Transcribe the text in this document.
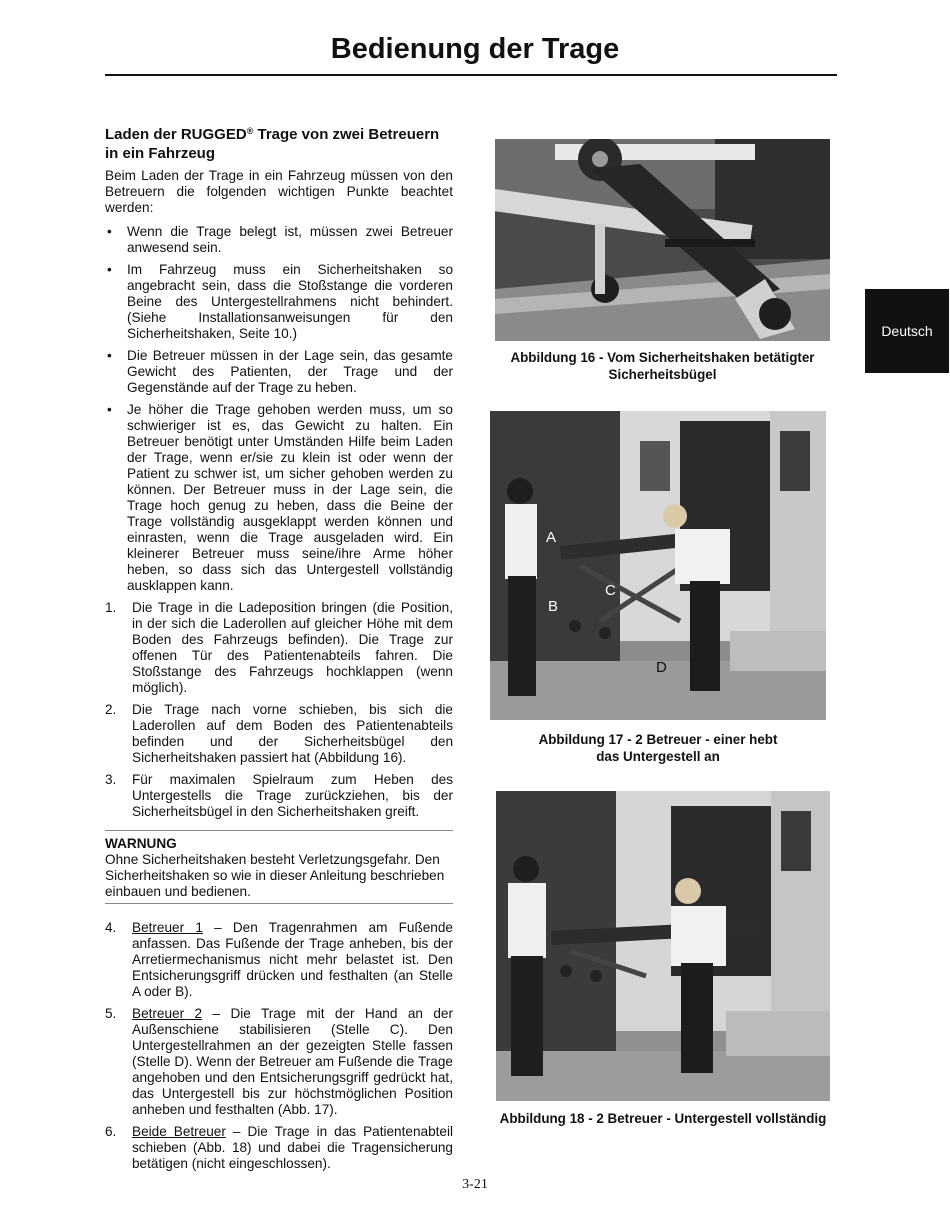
Bedienung der Trage
Laden der RUGGED® Trage von zwei Betreuern in ein Fahrzeug

Beim Laden der Trage in ein Fahrzeug müssen von den Betreuern die folgenden wichtigen Punkte beachtet werden:

• Wenn die Trage belegt ist, müssen zwei Betreuer anwesend sein.
• Im Fahrzeug muss ein Sicherheitshaken so angebracht sein, dass die Stoßstange die vorderen Beine des Untergestellrahmens nicht behindert. (Siehe Installationsanweisungen für den Sicherheitshaken, Seite 10.)
• Die Betreuer müssen in der Lage sein, das gesamte Gewicht des Patienten, der Trage und der Gegenstände auf der Trage zu heben.
• Je höher die Trage gehoben werden muss, um so schwieriger ist es, das Gewicht zu halten. Ein Betreuer benötigt unter Umständen Hilfe beim Laden der Trage, wenn er/sie zu klein ist oder wenn der Patient zu schwer ist, um sicher gehoben werden zu können. Der Betreuer muss in der Lage sein, die Trage hoch genug zu heben, dass die Beine der Trage vollständig ausgeklappt werden können und einrasten, wenn die Trage ausgeladen wird. Ein kleinerer Betreuer muss seine/ihre Arme höher heben, so dass sich das Untergestell vollständig ausklappen kann.
1. Die Trage in die Ladeposition bringen (die Position, in der sich die Laderollen auf gleicher Höhe mit dem Boden des Fahrzeugs befinden). Die Trage zur offenen Tür des Patientenabteils fahren. Die Stoßstange des Fahrzeugs hochklappen (wenn möglich).
2. Die Trage nach vorne schieben, bis sich die Laderollen auf dem Boden des Patientenabteils befinden und der Sicherheitsbügel den Sicherheitshaken passiert hat (Abbildung 16).
3. Für maximalen Spielraum zum Heben des Untergestells die Trage zurückziehen, bis der Sicherheitsbügel in den Sicherheitshaken greift.
WARNUNG

Ohne Sicherheitshaken besteht Verletzungsgefahr. Den Sicherheitshaken so wie in dieser Anleitung beschrieben einbauen und bedienen.

4. Betreuer 1 – Den Tragenrahmen am Fußende anfassen. Das Fußende der Trage anheben, bis der Arretiermechanismus nicht mehr belastet ist. Den Entsicherungsgriff drücken und festhalten (an Stelle A oder B).
5. Betreuer 2 – Die Trage mit der Hand an der Außenschiene stabilisieren (Stelle C). Den Untergestellrahmen an der gezeigten Stelle fassen (Stelle D). Wenn der Betreuer am Fußende die Trage angehoben und den Entsicherungsgriff gedrückt hat, das Untergestell bis zur höchstmöglichen Position anheben und festhalten (Abb. 17).
6. Beide Betreuer – Die Trage in das Patientenabteil schieben (Abb. 18) und dabei die Tragensicherung betätigen (nicht eingeschlossen).
Deutsch
Abbildung 16 - Vom Sicherheitshaken betätigter
Sicherheitsbügel
A
B
C
D
Abbildung 17 - 2 Betreuer - einer hebt
das Untergestell an
Abbildung 18 - 2 Betreuer - Untergestell vollständig
3-21
